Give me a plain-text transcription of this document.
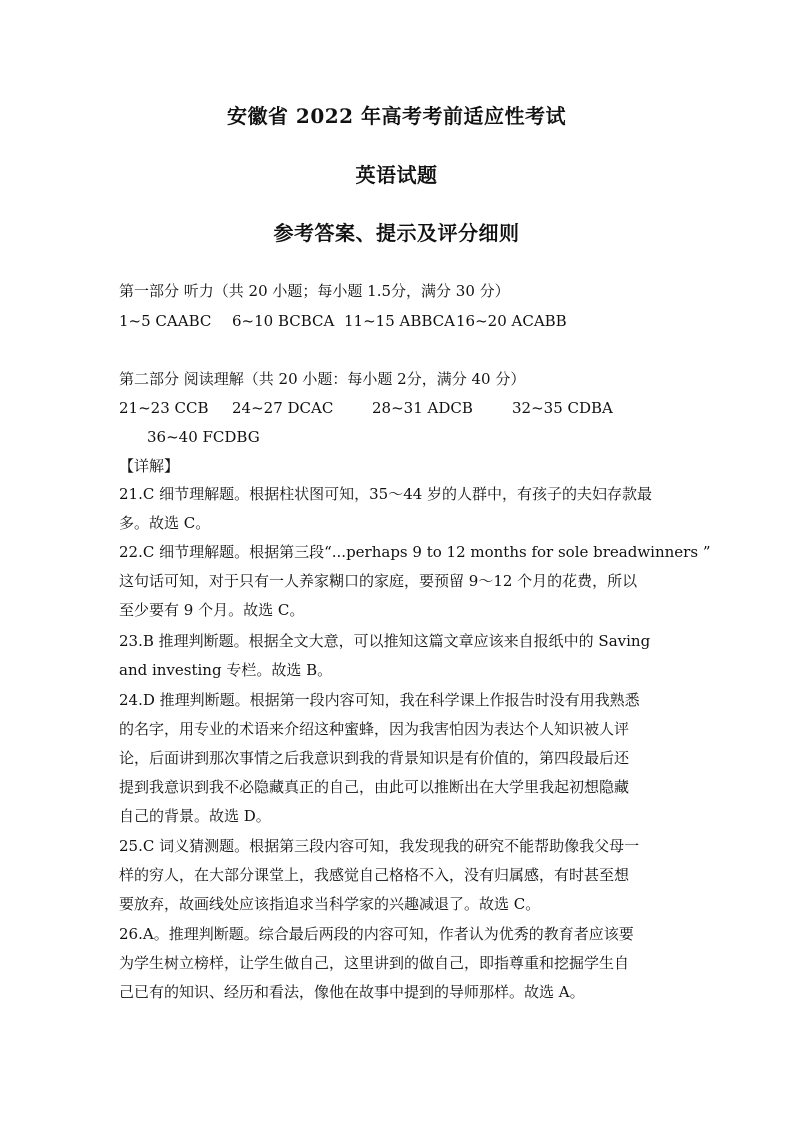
安徽省 2022 年高考考前适应性考试
英语试题
参考答案、提示及评分细则
第一部分 听力（共 20 小题；每小题 1.5分，满分 30 分）
1~5 CAABC 6~10 BCBCA 11~15 ABBCA 16~20 ACABB
第二部分 阅读理解（共 20 小题：每小题 2分，满分 40 分）
21~23 CCB 24~27 DCAC	28~31 ADCB	32~35 CDBA
36~40 FCDBG
【详解】
21.C 细节理解题。根据柱状图可知，35～44 岁的人群中，有孩子的夫妇存款最
多。故选 C。
22.C 细节理解题。根据第三段“...perhaps 9 to 12 months for sole breadwinners ”
这句话可知，对于只有一人养家糊口的家庭，要预留 9～12 个月的花费，所以
至少要有 9 个月。故选 C。
23.B 推理判断题。根据全文大意，可以推知这篇文章应该来自报纸中的 Saving
and investing 专栏。故选 B。
24.D 推理判断题。根据第一段内容可知，我在科学课上作报告时没有用我熟悉
的名字，用专业的术语来介绍这种蜜蜂，因为我害怕因为表达个人知识被人评
论，后面讲到那次事情之后我意识到我的背景知识是有价值的，第四段最后还
提到我意识到我不必隐藏真正的自己，由此可以推断出在大学里我起初想隐藏
自己的背景。故选 D。
25.C 词义猜测题。根据第三段内容可知，我发现我的研究不能帮助像我父母一
样的穷人，在大部分课堂上，我感觉自己格格不入，没有归属感，有时甚至想
要放弃，故画线处应该指追求当科学家的兴趣减退了。故选 C。
26.A。推理判断题。综合最后两段的内容可知，作者认为优秀的教育者应该要
为学生树立榜样，让学生做自己，这里讲到的做自己，即指尊重和挖掘学生自
己已有的知识、经历和看法，像他在故事中提到的导师那样。故选 A。
